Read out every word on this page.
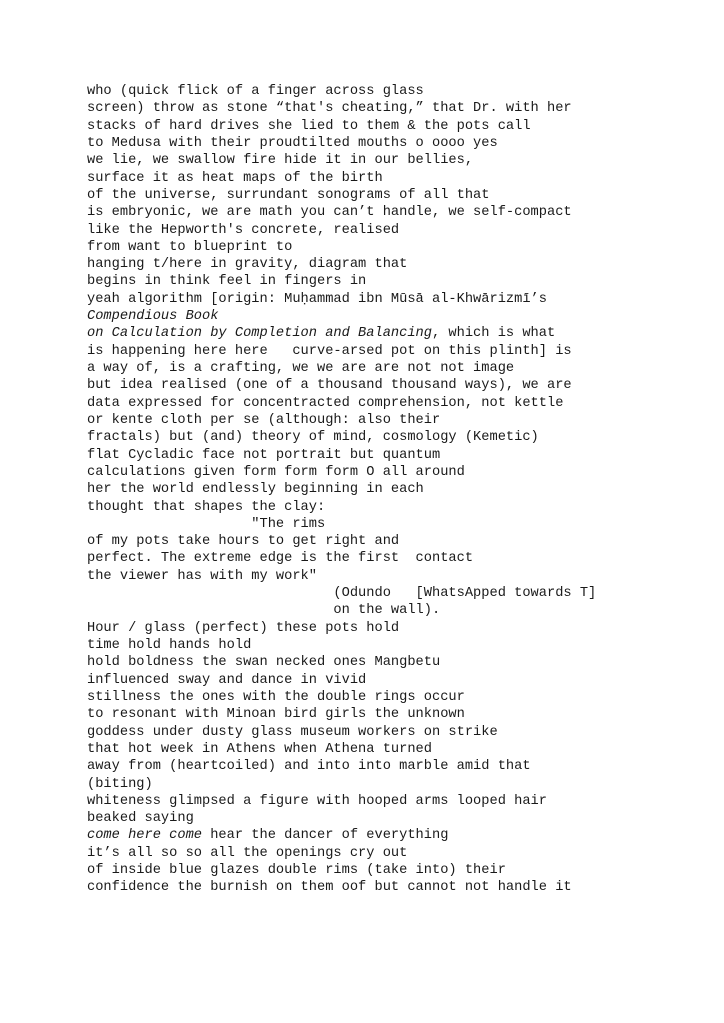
who (quick flick of a finger across glass
screen) throw as stone “that's cheating,” that Dr. with her
stacks of hard drives she lied to them & the pots call
to Medusa with their proudtilted mouths o oooo yes
we lie, we swallow fire hide it in our bellies,
surface it as heat maps of the birth
of the universe, surrundant sonograms of all that
is embryonic, we are math you can’t handle, we self-compact
like the Hepworth's concrete, realised
from want to blueprint to
hanging t/here in gravity, diagram that
begins in think feel in fingers in
yeah algorithm [origin: Muḥammad ibn Mūsā al-Khwārizmī’s
Compendious Book
on Calculation by Completion and Balancing, which is what
is happening here here   curve-arsed pot on this plinth] is
a way of, is a crafting, we we are are not not image
but idea realised (one of a thousand thousand ways), we are
data expressed for concentracted comprehension, not kettle
or kente cloth per se (although: also their
fractals) but (and) theory of mind, cosmology (Kemetic)
flat Cycladic face not portrait but quantum
calculations given form form form O all around
her the world endlessly beginning in each
thought that shapes the clay:
"The rims
of my pots take hours to get right and
perfect. The extreme edge is the first  contact
the viewer has with my work"
(Odundo   [WhatsApped towards T]
on the wall).
Hour / glass (perfect) these pots hold
time hold hands hold
hold boldness the swan necked ones Mangbetu
influenced sway and dance in vivid
stillness the ones with the double rings occur
to resonant with Minoan bird girls the unknown
goddess under dusty glass museum workers on strike
that hot week in Athens when Athena turned
away from (heartcoiled) and into into marble amid that
(biting)
whiteness glimpsed a figure with hooped arms looped hair
beaked saying
come here come hear the dancer of everything
it’s all so so all the openings cry out
of inside blue glazes double rims (take into) their
confidence the burnish on them oof but cannot not handle it
